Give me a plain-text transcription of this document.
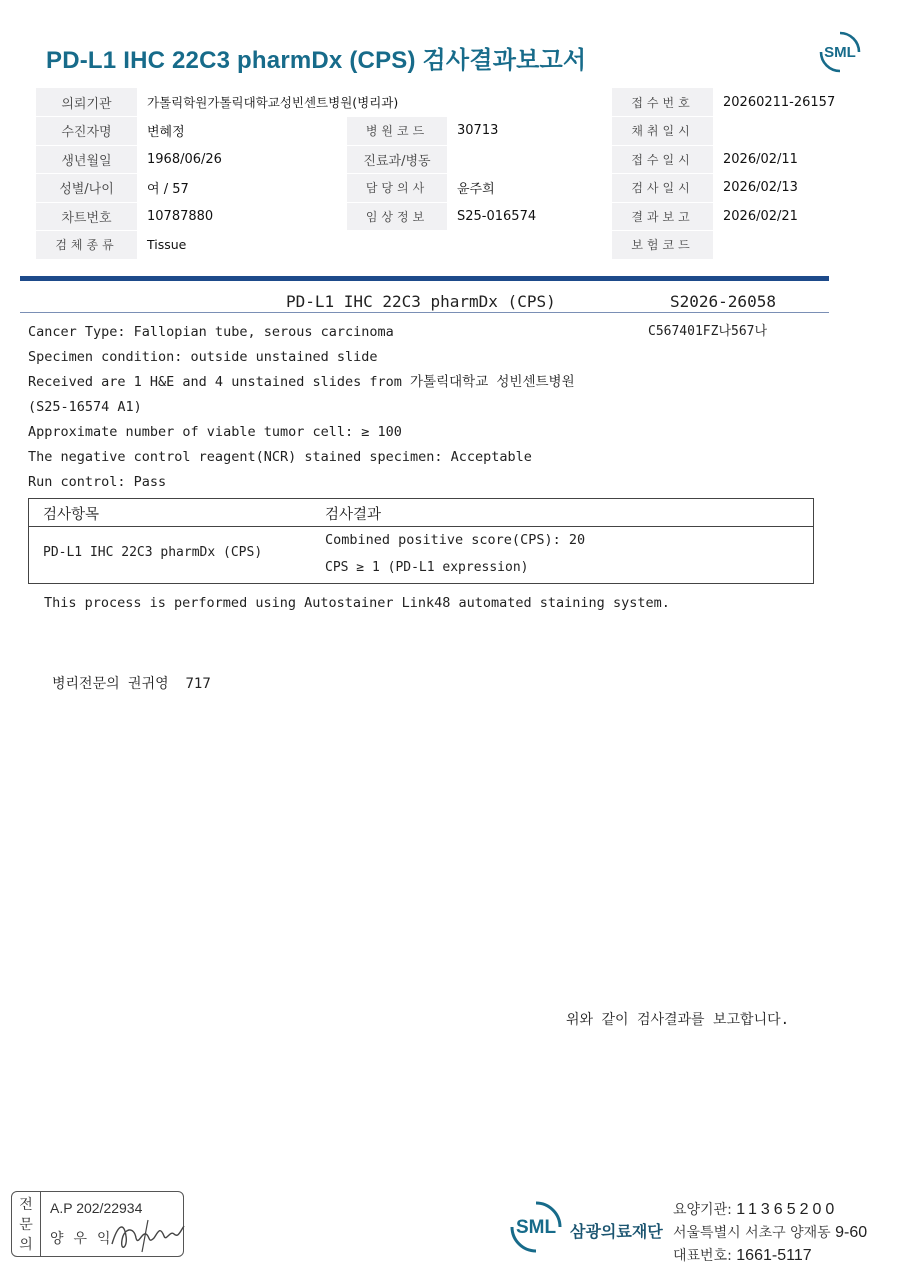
PD-L1 IHC 22C3 pharmDx (CPS) 검사결과보고서	SML
의뢰기관	가톨릭학원가톨릭대학교성빈센트병원(병리과)			접수번호	20260211-26157
수진자명	변혜정	병원코드	30713	채취일시	
생년월일	1968/06/26	진료과/병동		접수일시	2026/02/11
성별/나이	여 / 57	담당의사	윤주희	검사일시	2026/02/13
차트번호	10787880	임상정보	S25-016574	결과보고	2026/02/21
검체종류	Tissue			보험코드	
PD-L1 IHC 22C3 pharmDx (CPS)	S2026-26058
C567401FZ나567나
Cancer Type: Fallopian tube, serous carcinoma
Specimen condition: outside unstained slide
Received are 1 H&E and 4 unstained slides from 가톨릭대학교 성빈센트병원
(S25-16574 A1)
Approximate number of viable tumor cell: ≥ 100
The negative control reagent(NCR) stained specimen: Acceptable
Run control: Pass
검사항목	검사결과
PD-L1 IHC 22C3 pharmDx (CPS)
Combined positive score(CPS): 20
CPS ≥ 1 (PD-L1 expression)
This process is performed using Autostainer Link48 automated staining system.
병리전문의 권귀영  717
위와 같이 검사결과를 보고합니다.
전
문
의
A.P 202/22934
양우익
SML 삼광의료재단
요양기관: 11365200
서울특별시 서초구 양재동 9-60
대표번호: 1661-5117
